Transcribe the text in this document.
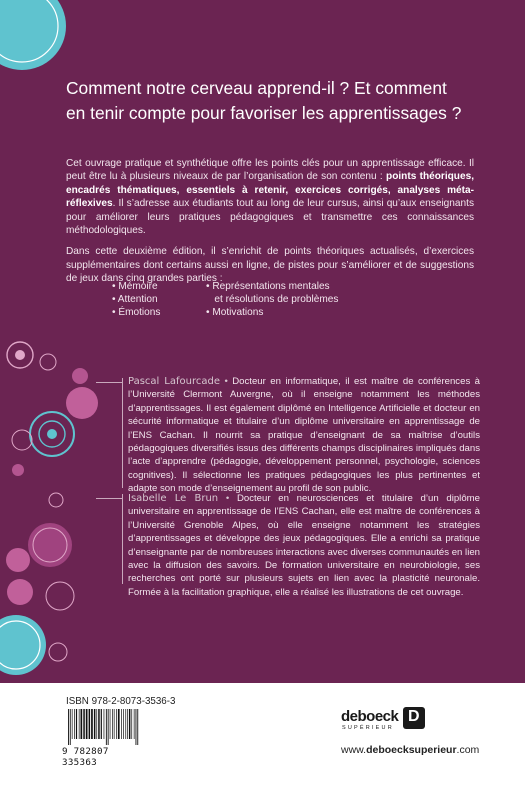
Comment notre cerveau apprend-il ? Et comment
en tenir compte pour favoriser les apprentissages ?

Cet ouvrage pratique et synthétique offre les points clés pour un apprentissage efficace. Il peut être lu à plusieurs niveaux de par l’organisation de son contenu : points théoriques, encadrés thématiques, essentiels à retenir, exercices corrigés, analyses méta-réflexives. Il s’adresse aux étudiants tout au long de leur cursus, ainsi qu’aux enseignants pour améliorer leurs pratiques pédagogiques et transmettre ces connaissances méthodologiques.

Dans cette deuxième édition, il s’enrichit de points théoriques actualisés, d’exercices supplémentaires dont certains aussi en ligne, de pistes pour s’améliorer et de suggestions de jeux dans cinq grandes parties :

• Mémoire
• Attention
• Émotions
• Représentations mentales
et résolutions de problèmes
• Motivations
Pascal Lafourcade • Docteur en informatique, il est maître de conférences à l’Université Clermont Auvergne, où il enseigne notamment les méthodes d’apprentissages. Il est également diplômé en Intelligence Artificielle et docteur en sécurité informatique et titulaire d’un diplôme universitaire en apprentissage de l’ENS Cachan. Il nourrit sa pratique d’enseignant de sa maîtrise d’outils pédagogiques diversifiés issus des différents champs disciplinaires impliqués dans l’acte d’apprendre (pédagogie, développement personnel, psychologie, sciences cognitives). Il sélectionne les pratiques pédagogiques les plus pertinentes et adapte son mode d’enseignement au profil de son public.
Isabelle Le Brun • Docteur en neurosciences et titulaire d’un diplôme universitaire en apprentissage de l’ENS Cachan, elle est maître de conférences à l’Université Grenoble Alpes, où elle enseigne notamment les stratégies d’apprentissages et développe des jeux pédagogiques. Elle a enrichi sa pratique d’enseignante par de nombreuses interactions avec diverses communautés en lien avec la diffusion des savoirs. De formation universitaire en neurobiologie, ses recherches ont porté sur plusieurs sujets en lien avec la plasticité neuronale. Formée à la facilitation graphique, elle a réalisé les illustrations de cet ouvrage.
ISBN 978-2-8073-3536-3
9 782807 335363
deboeck
SUPÉRIEUR
D
www.deboecksuperieur.com
